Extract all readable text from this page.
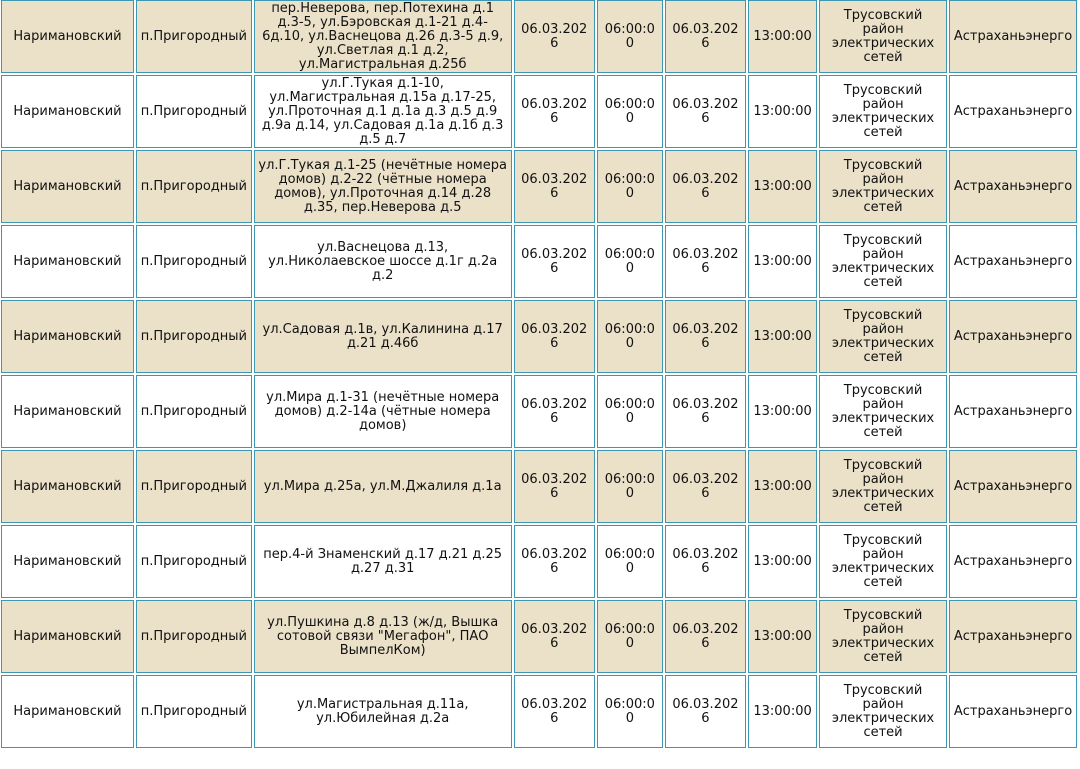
Наримановский	п.Пригородный	пер.Неверова, пер.Потехина д.1 д.3-5, ул.Бэровская д.1-21 д.4-6д.10, ул.Васнецова д.26 д.3-5 д.9, ул.Светлая д.1 д.2, ул.Магистральная д.25б	06.03.2026	06:00:00	06.03.2026	13:00:00	Трусовский район электрических сетей	Астраханьэнерго
Наримановский	п.Пригородный	ул.Г.Тукая д.1-10, ул.Магистральная д.15а д.17-25, ул.Проточная д.1 д.1а д.3 д.5 д.9 д.9а д.14, ул.Садовая д.1а д.1б д.3 д.5 д.7	06.03.2026	06:00:00	06.03.2026	13:00:00	Трусовский район электрических сетей	Астраханьэнерго
Наримановский	п.Пригородный	ул.Г.Тукая д.1-25 (нечётные номера домов) д.2-22 (чётные номера домов), ул.Проточная д.14 д.28 д.35, пер.Неверова д.5	06.03.2026	06:00:00	06.03.2026	13:00:00	Трусовский район электрических сетей	Астраханьэнерго
Наримановский	п.Пригородный	ул.Васнецова д.13, ул.Николаевское шоссе д.1г д.2а д.2	06.03.2026	06:00:00	06.03.2026	13:00:00	Трусовский район электрических сетей	Астраханьэнерго
Наримановский	п.Пригородный	ул.Садовая д.1в, ул.Калинина д.17 д.21 д.46б	06.03.2026	06:00:00	06.03.2026	13:00:00	Трусовский район электрических сетей	Астраханьэнерго
Наримановский	п.Пригородный	ул.Мира д.1-31 (нечётные номера домов) д.2-14а (чётные номера домов)	06.03.2026	06:00:00	06.03.2026	13:00:00	Трусовский район электрических сетей	Астраханьэнерго
Наримановский	п.Пригородный	ул.Мира д.25а, ул.М.Джалиля д.1а	06.03.2026	06:00:00	06.03.2026	13:00:00	Трусовский район электрических сетей	Астраханьэнерго
Наримановский	п.Пригородный	пер.4-й Знаменский д.17 д.21 д.25 д.27 д.31	06.03.2026	06:00:00	06.03.2026	13:00:00	Трусовский район электрических сетей	Астраханьэнерго
Наримановский	п.Пригородный	ул.Пушкина д.8 д.13 (ж/д, Вышка сотовой связи "Мегафон", ПАО ВымпелКом)	06.03.2026	06:00:00	06.03.2026	13:00:00	Трусовский район электрических сетей	Астраханьэнерго
Наримановский	п.Пригородный	ул.Магистральная д.11а, ул.Юбилейная д.2а	06.03.2026	06:00:00	06.03.2026	13:00:00	Трусовский район электрических сетей	Астраханьэнерго
